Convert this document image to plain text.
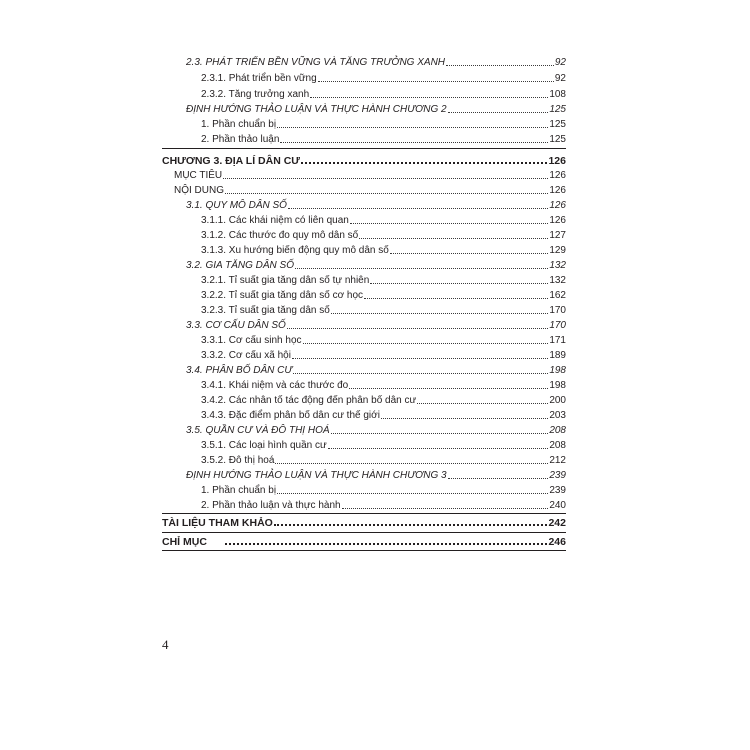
2.3. PHÁT TRIỂN BỀN VỮNG VÀ TĂNG TRƯỞNG XANH	92
2.3.1. Phát triển bền vững	92
2.3.2. Tăng trưởng xanh	108
ĐỊNH HƯỚNG THẢO LUẬN VÀ THỰC HÀNH CHƯƠNG 2	125
1. Phần chuẩn bị	125
2. Phần thảo luận	125
CHƯƠNG 3. ĐỊA LÍ DÂN CƯ	126
MỤC TIÊU	126
NỘI DUNG	126
3.1. QUY MÔ DÂN SỐ	126
3.1.1. Các khái niệm có liên quan	126
3.1.2. Các thước đo quy mô dân số	127
3.1.3. Xu hướng biến động quy mô dân số	129
3.2. GIA TĂNG DÂN SỐ	132
3.2.1. Tỉ suất gia tăng dân số tự nhiên	132
3.2.2. Tỉ suất gia tăng dân số cơ học	162
3.2.3. Tỉ suất gia tăng dân số	170
3.3. CƠ CẤU DÂN SỐ	170
3.3.1. Cơ cấu sinh học	171
3.3.2. Cơ cấu xã hội	189
3.4. PHÂN BỐ DÂN CƯ	198
3.4.1. Khái niệm và các thước đo	198
3.4.2. Các nhân tố tác động đến phân bố dân cư	200
3.4.3. Đặc điểm phân bố dân cư thế giới	203
3.5. QUẦN CƯ VÀ ĐÔ THỊ HOÁ	208
3.5.1. Các loại hình quần cư	208
3.5.2. Đô thị hoá	212
ĐỊNH HƯỚNG THẢO LUẬN VÀ THỰC HÀNH CHƯƠNG 3	239
1. Phần chuẩn bị	239
2. Phần thảo luận và thực hành	240
TÀI LIỆU THAM KHẢO	242
CHỈ MỤC	246
4
